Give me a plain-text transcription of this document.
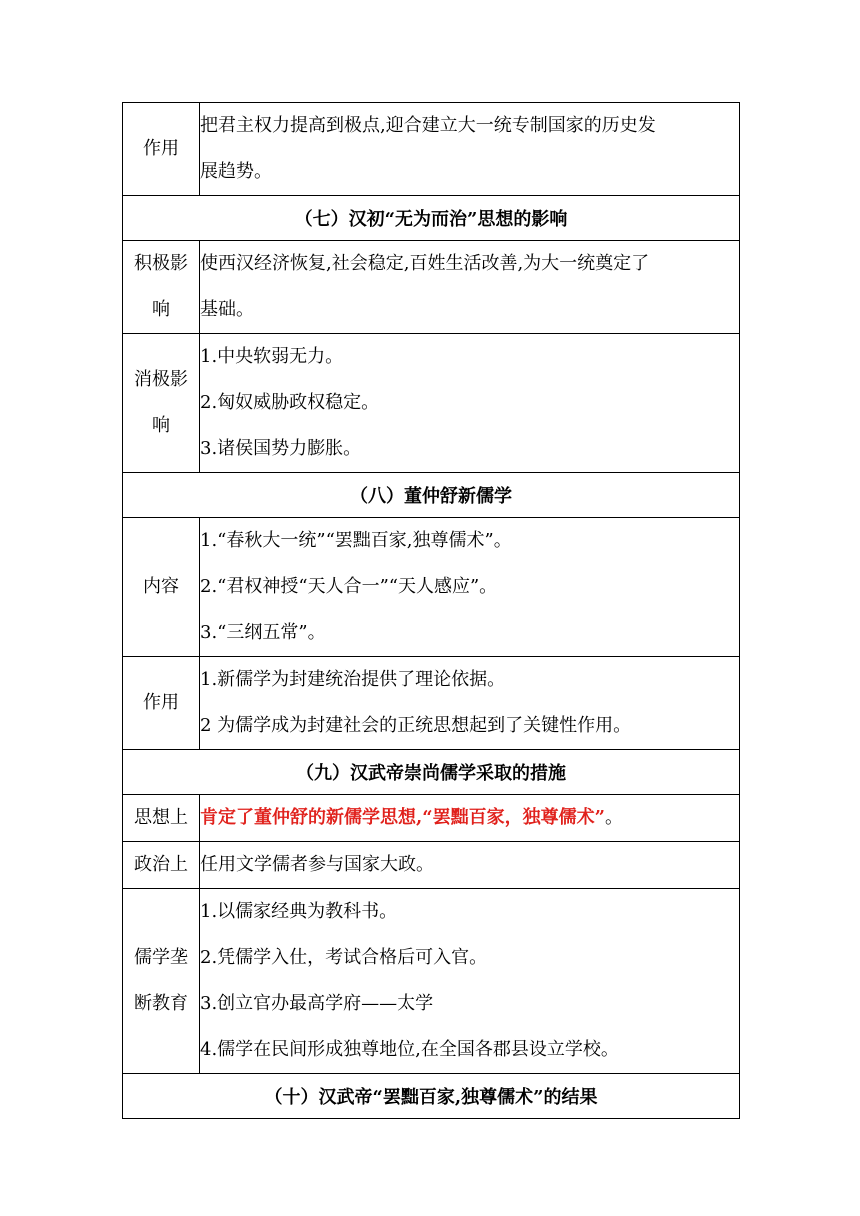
作用	把君主权力提高到极点,迎合建立大一统专制国家的历史发
展趋势。

（七）汉初“无为而治”思想的影响	

积极影
响	使西汉经济恢复,社会稳定,百姓生活改善,为大一统奠定了
基础。

消极影
响	1.中央软弱无力。
2.匈奴威胁政权稳定。
3.诸侯国势力膨胀。

（八）董仲舒新儒学	
内容	1.“春秋大一统”“罢黜百家,独尊儒术”。
2.“君权神授“天人合一”“天人感应”。
3.“三纲五常”。

作用	1.新儒学为封建统治提供了理论依据。
2 为儒学成为封建社会的正统思想起到了关键性作用。

（九）汉武帝崇尚儒学采取的措施	
思想上	肯定了董仲舒的新儒学思想,“罢黜百家，独尊儒术”。

政治上	任用文学儒者参与国家大政。

儒学垄
断教育	1.以儒家经典为教科书。
2.凭儒学入仕，考试合格后可入官。
3.创立官办最高学府——太学
4.儒学在民间形成独尊地位,在全国各郡县设立学校。

（十）汉武帝“罢黜百家,独尊儒术”的结果	
